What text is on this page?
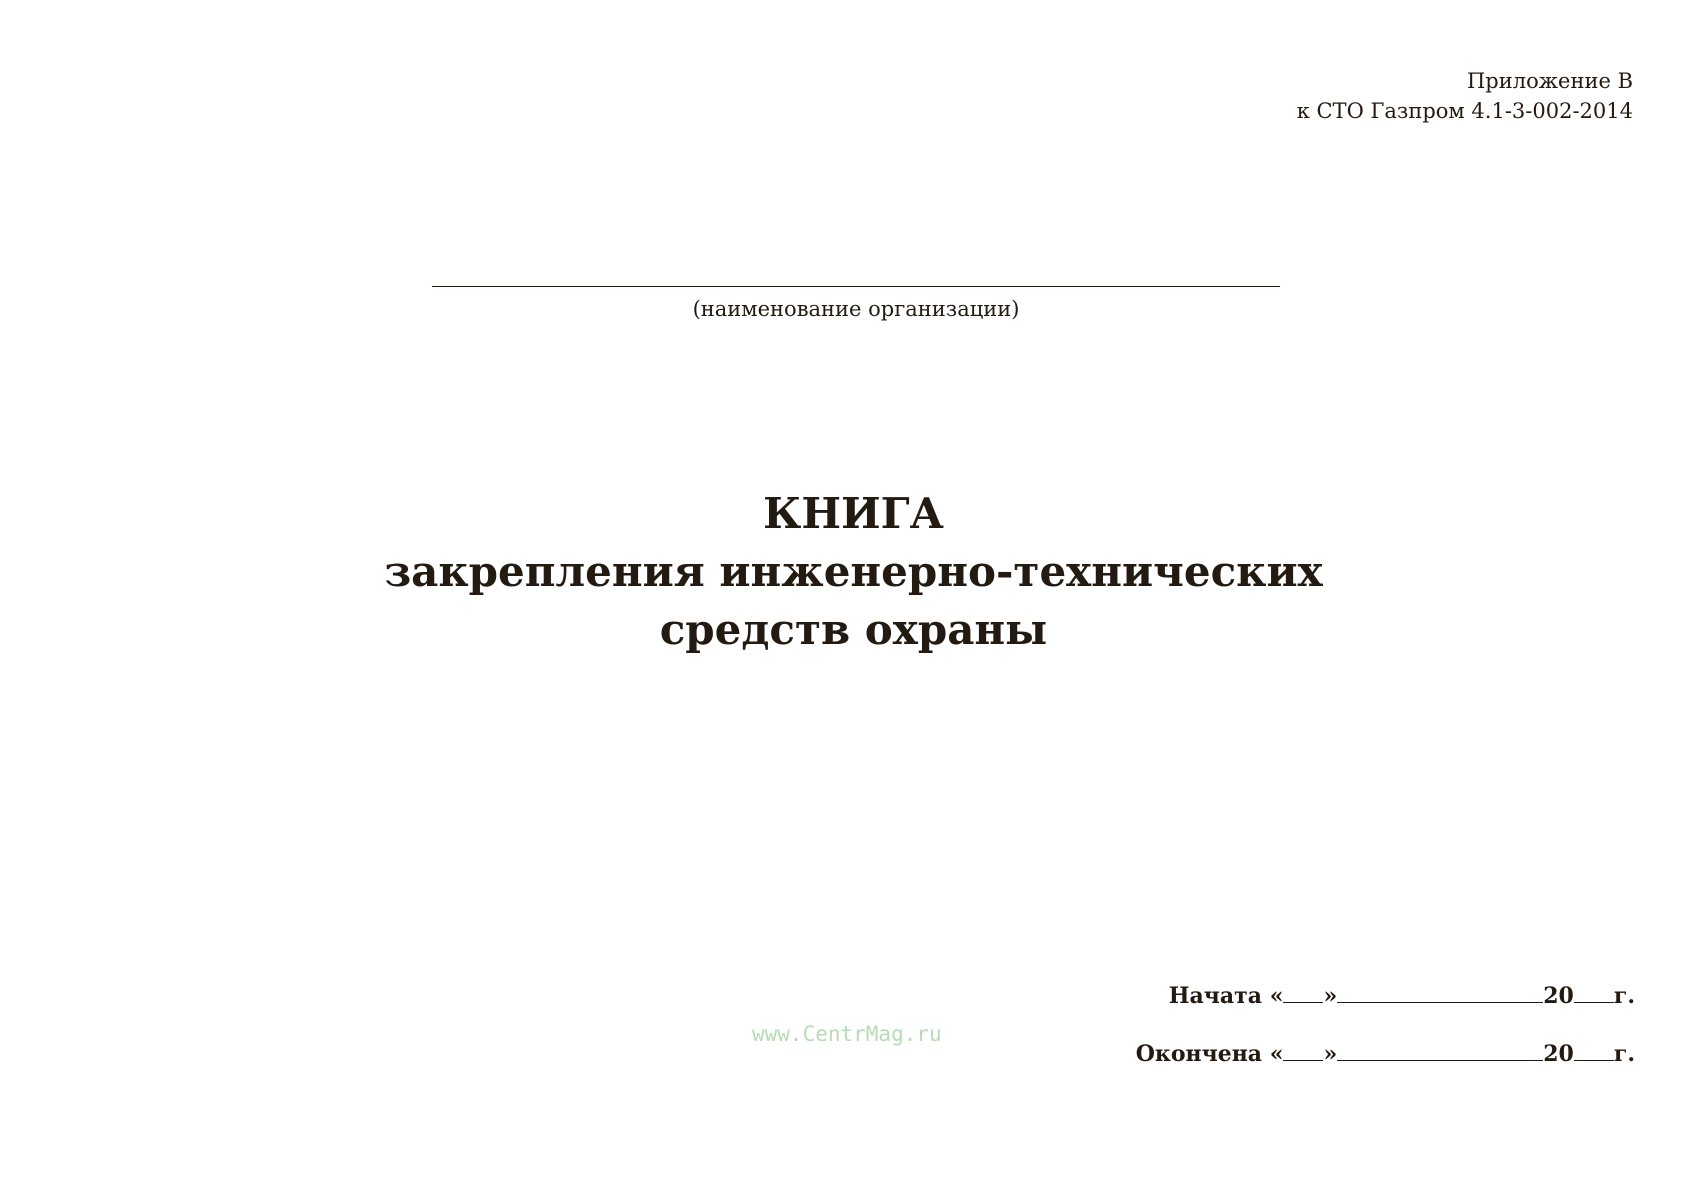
Приложение В
к СТО Газпром 4.1-3-002-2014
(наименование организации)
КНИГА
закрепления инженерно-технических
средств охраны
www.CentrMag.ru
Начата
« »	20 г.
Окончена
« »	20 г.
